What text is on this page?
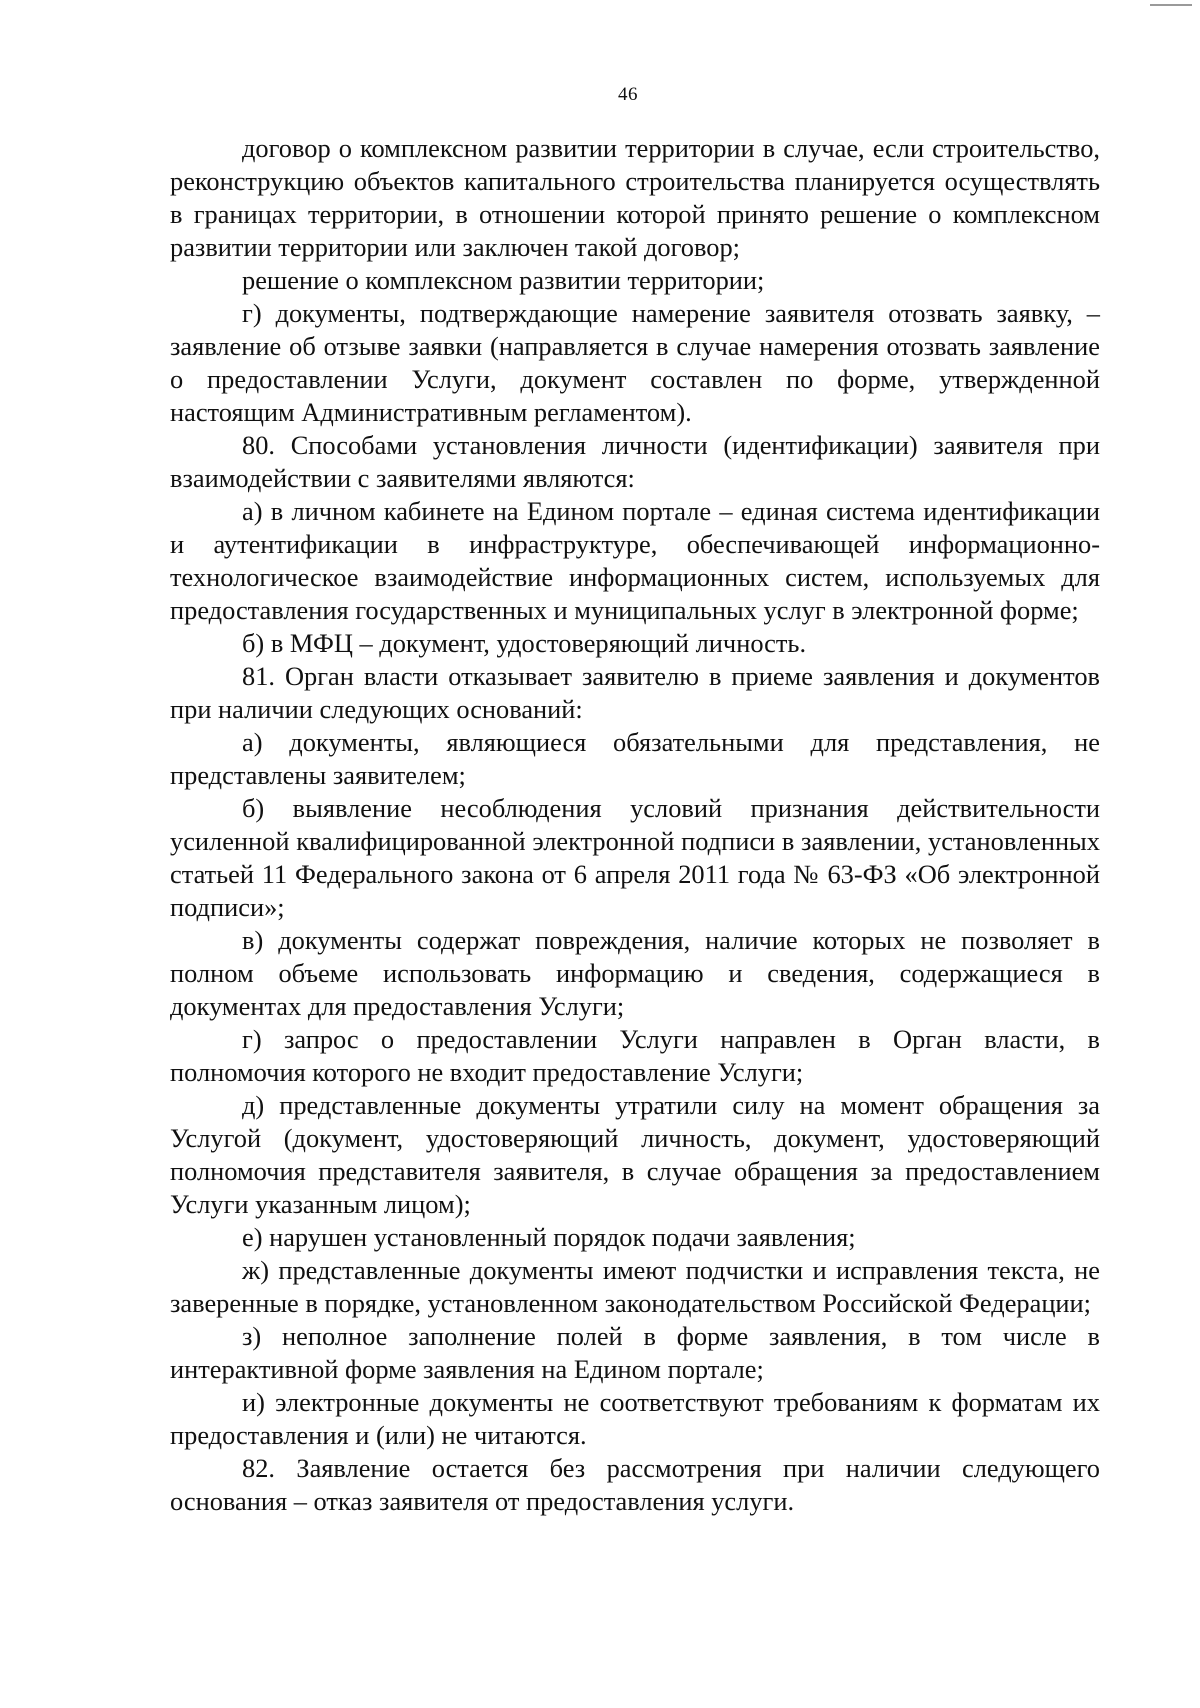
46

договор о комплексном развитии территории в случае, если строительство, реконструкцию объектов капитального строительства планируется осуществлять в границах территории, в отношении которой принято решение о комплексном развитии территории или заключен такой договор;

решение о комплексном развитии территории;

г) документы, подтверждающие намерение заявителя отозвать заявку, – заявление об отзыве заявки (направляется в случае намерения отозвать заявление о предоставлении Услуги, документ составлен по форме, утвержденной настоящим Административным регламентом).

80. Способами установления личности (идентификации) заявителя при взаимодействии с заявителями являются:

а) в личном кабинете на Едином портале – единая система идентификации и аутентификации в инфраструктуре, обеспечивающей информационно-технологическое взаимодействие информационных систем, используемых для предоставления государственных и муниципальных услуг в электронной форме;

б) в МФЦ – документ, удостоверяющий личность.

81. Орган власти отказывает заявителю в приеме заявления и документов при наличии следующих оснований:

а) документы, являющиеся обязательными для представления, не представлены заявителем;

б) выявление несоблюдения условий признания действительности усиленной квалифицированной электронной подписи в заявлении, установленных статьей 11 Федерального закона от 6 апреля 2011 года № 63-ФЗ «Об электронной подписи»;

в) документы содержат повреждения, наличие которых не позволяет в полном объеме использовать информацию и сведения, содержащиеся в документах для предоставления Услуги;

г) запрос о предоставлении Услуги направлен в Орган власти, в полномочия которого не входит предоставление Услуги;

д) представленные документы утратили силу на момент обращения за Услугой (документ, удостоверяющий личность, документ, удостоверяющий полномочия представителя заявителя, в случае обращения за предоставлением Услуги указанным лицом);

е) нарушен установленный порядок подачи заявления;

ж) представленные документы имеют подчистки и исправления текста, не заверенные в порядке, установленном законодательством Российской Федерации;

з) неполное заполнение полей в форме заявления, в том числе в интерактивной форме заявления на Едином портале;

и) электронные документы не соответствуют требованиям к форматам их предоставления и (или) не читаются.

82. Заявление остается без рассмотрения при наличии следующего основания – отказ заявителя от предоставления услуги.
